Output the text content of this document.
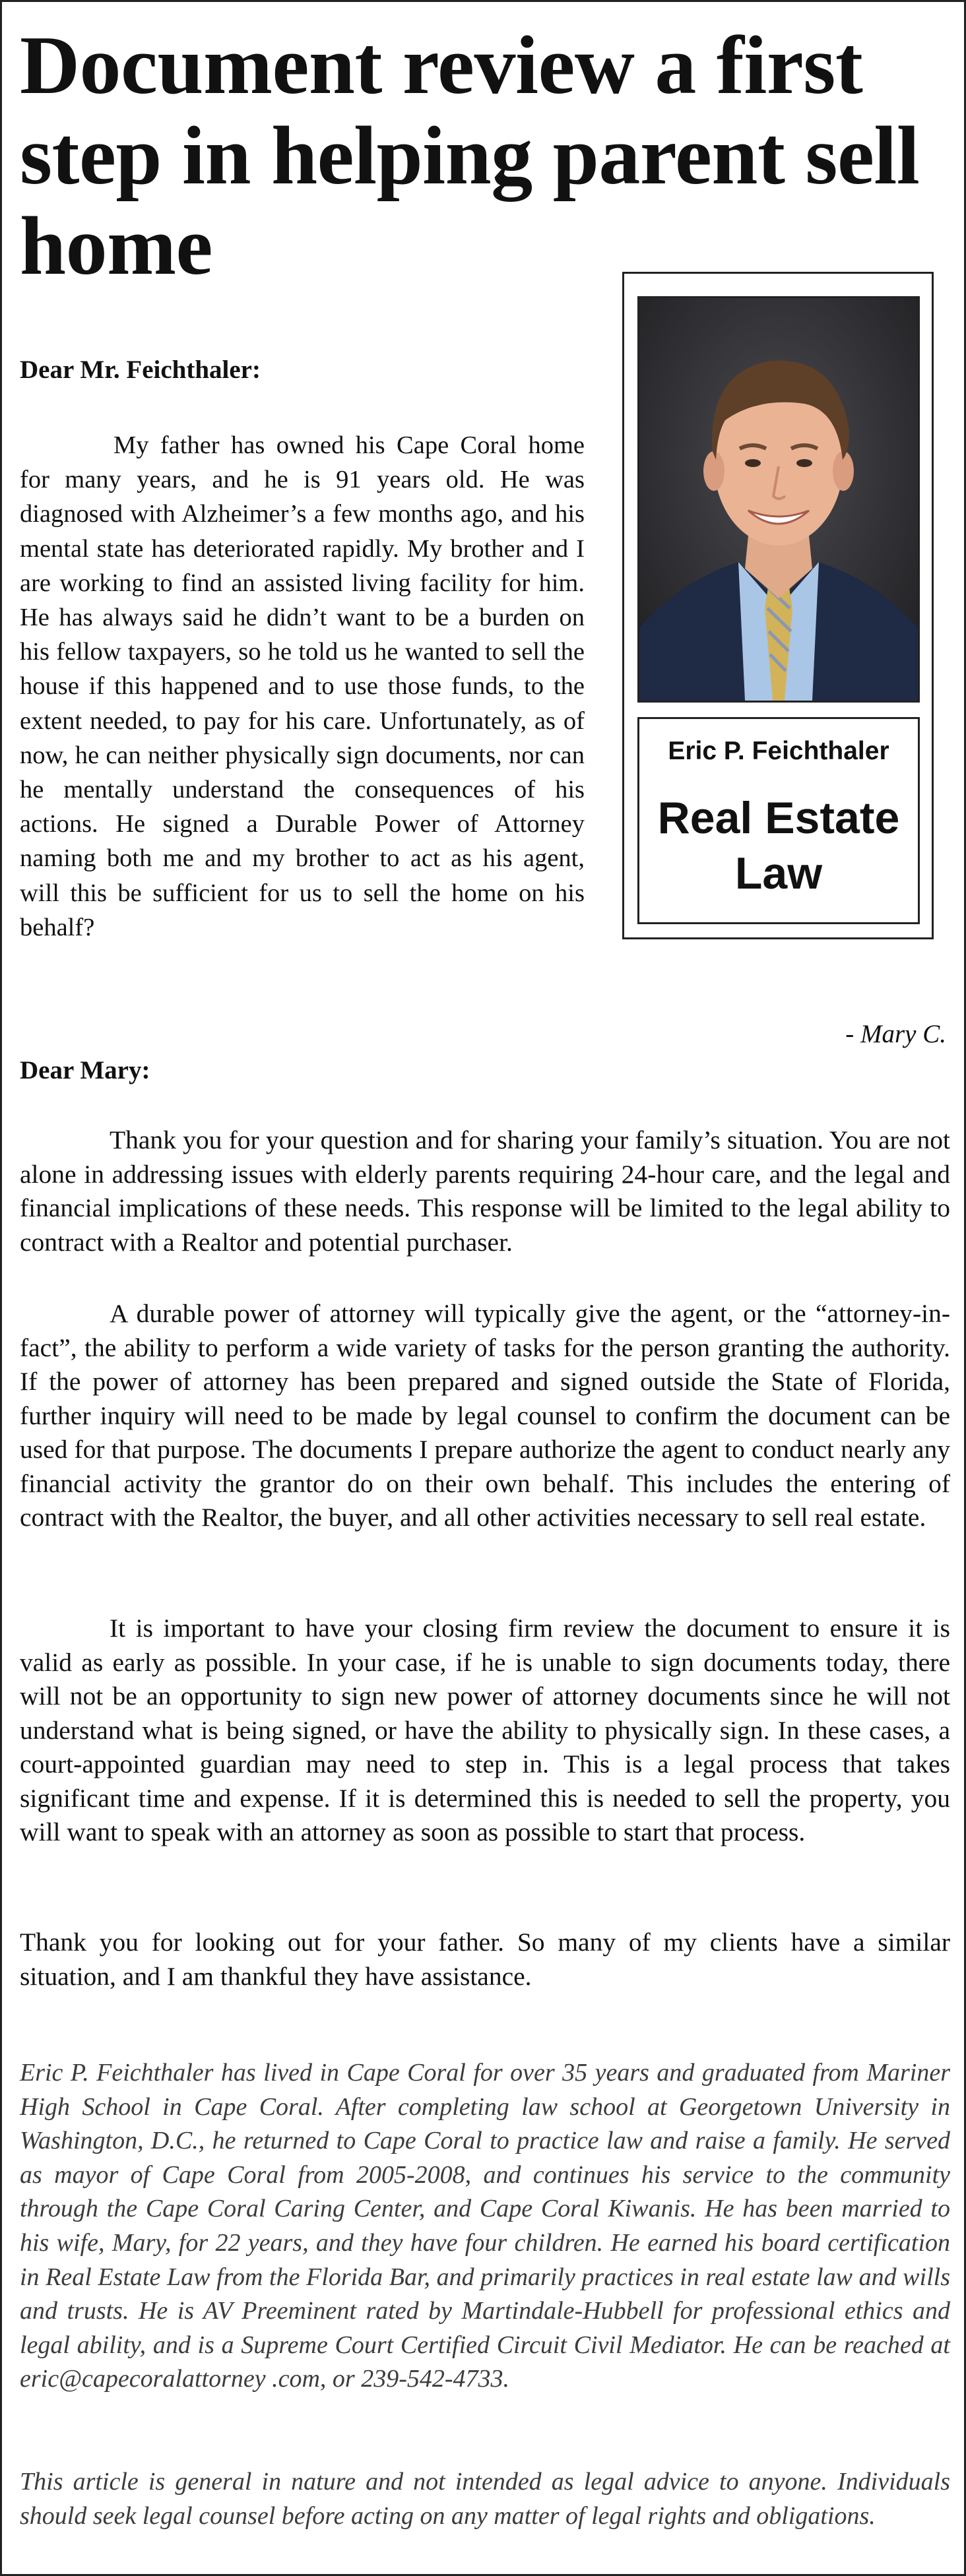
Document review a first step in helping parent sell home

Dear Mr. Feichthaler:

My father has owned his Cape Coral home for many years, and he is 91 years old. He was diagnosed with Alzheimer’s a few months ago, and his mental state has deteriorated rapidly. My brother and I are working to find an assisted living facility for him. He has always said he didn’t want to be a burden on his fellow taxpayers, so he told us he wanted to sell the house if this happened and to use those funds, to the extent needed, to pay for his care. Unfortunately, as of now, he can neither physically sign documents, nor can he mentally understand the consequences of his actions. He signed a Durable Power of Attorney naming both me and my brother to act as his agent, will this be sufficient for us to sell the home on his behalf?

- Mary C.

Eric P. Feichthaler
Real Estate
Law

Dear Mary:

Thank you for your question and for sharing your family’s situation. You are not alone in addressing issues with elderly parents requiring 24-hour care, and the legal and financial implications of these needs. This response will be limited to the legal ability to contract with a Realtor and potential purchaser.

A durable power of attorney will typically give the agent, or the “attorney-in-fact”, the ability to perform a wide variety of tasks for the person granting the authority. If the power of attorney has been prepared and signed outside the State of Florida, further inquiry will need to be made by legal counsel to confirm the document can be used for that purpose. The documents I prepare authorize the agent to conduct nearly any financial activity the grantor do on their own behalf. This includes the entering of contract with the Realtor, the buyer, and all other activities necessary to sell real estate.

It is important to have your closing firm review the document to ensure it is valid as early as possible. In your case, if he is unable to sign documents today, there will not be an opportunity to sign new power of attorney documents since he will not understand what is being signed, or have the ability to physically sign. In these cases, a court-appointed guardian may need to step in. This is a legal process that takes significant time and expense. If it is determined this is needed to sell the property, you will want to speak with an attorney as soon as possible to start that process.

Thank you for looking out for your father. So many of my clients have a similar situation, and I am thankful they have assistance.

Eric P. Feichthaler has lived in Cape Coral for over 35 years and graduated from Mariner High School in Cape Coral. After completing law school at Georgetown University in Washington, D.C., he returned to Cape Coral to practice law and raise a family. He served as mayor of Cape Coral from 2005-2008, and continues his service to the community through the Cape Coral Caring Center, and Cape Coral Kiwanis. He has been married to his wife, Mary, for 22 years, and they have four children. He earned his board certification in Real Estate Law from the Florida Bar, and primarily practices in real estate law and wills and trusts. He is AV Preeminent rated by Martindale-Hubbell for professional ethics and legal ability, and is a Supreme Court Certified Circuit Civil Mediator. He can be reached at eric@capecoralattorney .com, or 239-542-4733.

This article is general in nature and not intended as legal advice to anyone. Individuals should seek legal counsel before acting on any matter of legal rights and obligations.
